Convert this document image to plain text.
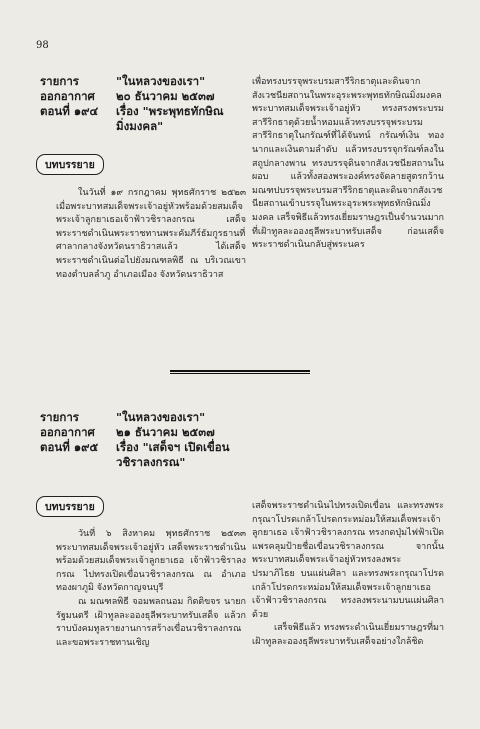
98
รายการ	"ในหลวงของเรา"
ออกอากาศ	๒๐ ธันวาคม ๒๕๓๗
ตอนที่ ๑๙๔	เรื่อง "พระพุทธทักษิณ
มิ่งมงคล"
บทบรรยาย

ในวันที่ ๑๙ กรกฎาคม พุทธศักราช ๒๕๒๓ เมื่อพระบาทสมเด็จพระเจ้าอยู่หัวพร้อมด้วยสมเด็จพระเจ้าลูกยาเธอเจ้าฟ้าวชิราลงกรณ เสด็จพระราชดำเนินพระราชทานพระคัมภีร์ธัมกูรธานที่ศาลากลางจังหวัดนราธิวาสแล้ว ได้เสด็จพระราชดำเนินต่อไปยังมณฑลพิธี ณ บริเวณเขาทองตำบลลำภู อำเภอเมือง จังหวัดนราธิวาส

เพื่อทรงบรรจุพระบรมสารีริกธาตุและดินจากสังเวชนียสถานในพระอุระพระพุทธทักษิณมิ่งมงคล พระบาทสมเด็จพระเจ้าอยู่หัว ทรงสรงพระบรมสารีริกธาตุด้วยน้ำหอมแล้วทรงบรรจุพระบรมสารีริกธาตุในกรัณฑ์ที่ได้จันทน์ กรัณฑ์เงิน ทอง นากและเงินตามลำดับ แล้วทรงบรรจุกรัณฑ์ลงในสถูปกลางพาน ทรงบรรจุดินจากสังเวชนียสถานในผอบ แล้วทั้งสองพระองค์ทรงจัดลายสูตรกว้านมณฑปบรรจุพระบรมสารีริกธาตุและดินจากสังเวชนียสถานเข้าบรรจุในพระอุระพระพุทธทักษิณมิ่งมงคล เสร็จพิธีแล้วทรงเยี่ยมราษฎรเป็นจำนวนมากที่เฝ้าทูลละอองธุลีพระบาทรับเสด็จ ก่อนเสด็จพระราชดำเนินกลับสู่พระนคร

รายการ	"ในหลวงของเรา"
ออกอากาศ	๒๑ ธันวาคม ๒๕๓๗
ตอนที่ ๑๙๕	เรื่อง "เสด็จฯ เปิดเขื่อน
วชิราลงกรณ"
บทบรรยาย

วันที่ ๖ สิงหาคม พุทธศักราช ๒๕๓๓ พระบาทสมเด็จพระเจ้าอยู่หัว เสด็จพระราชดำเนินพร้อมด้วยสมเด็จพระเจ้าลูกยาเธอ เจ้าฟ้าวชิราลงกรณ ไปทรงเปิดเขื่อนวชิราลงกรณ ณ อำเภอทองผาภูมิ จังหวัดกาญจนบุรี

ณ มณฑลพิธี จอมพลถนอม กิตติขจร นายกรัฐมนตรี เฝ้าทูลละอองธุลีพระบาทรับเสด็จ แล้วกราบบังคมทูลรายงานการสร้างเขื่อนวชิราลงกรณ และขอพระราชทานเชิญ

เสด็จพระราชดำเนินไปทรงเปิดเขื่อน และทรงพระกรุณาโปรดเกล้าโปรดกระหม่อมให้สมเด็จพระเจ้าลูกยาเธอ เจ้าฟ้าวชิราลงกรณ ทรงกดปุ่มไฟฟ้าเปิดแพรคลุมป้ายชื่อเขื่อนวชิราลงกรณ จากนั้นพระบาทสมเด็จพระเจ้าอยู่หัวทรงลงพระปรมาภิไธย บนแผ่นศิลา และทรงพระกรุณาโปรดเกล้าโปรดกระหม่อมให้สมเด็จพระเจ้าลูกยาเธอ เจ้าฟ้าวชิราลงกรณ ทรงลงพระนามบนแผ่นศิลาด้วย

เสร็จพิธีแล้ว ทรงพระดำเนินเยี่ยมราษฎรที่มาเฝ้าทูลละอองธุลีพระบาทรับเสด็จอย่างใกล้ชิด
